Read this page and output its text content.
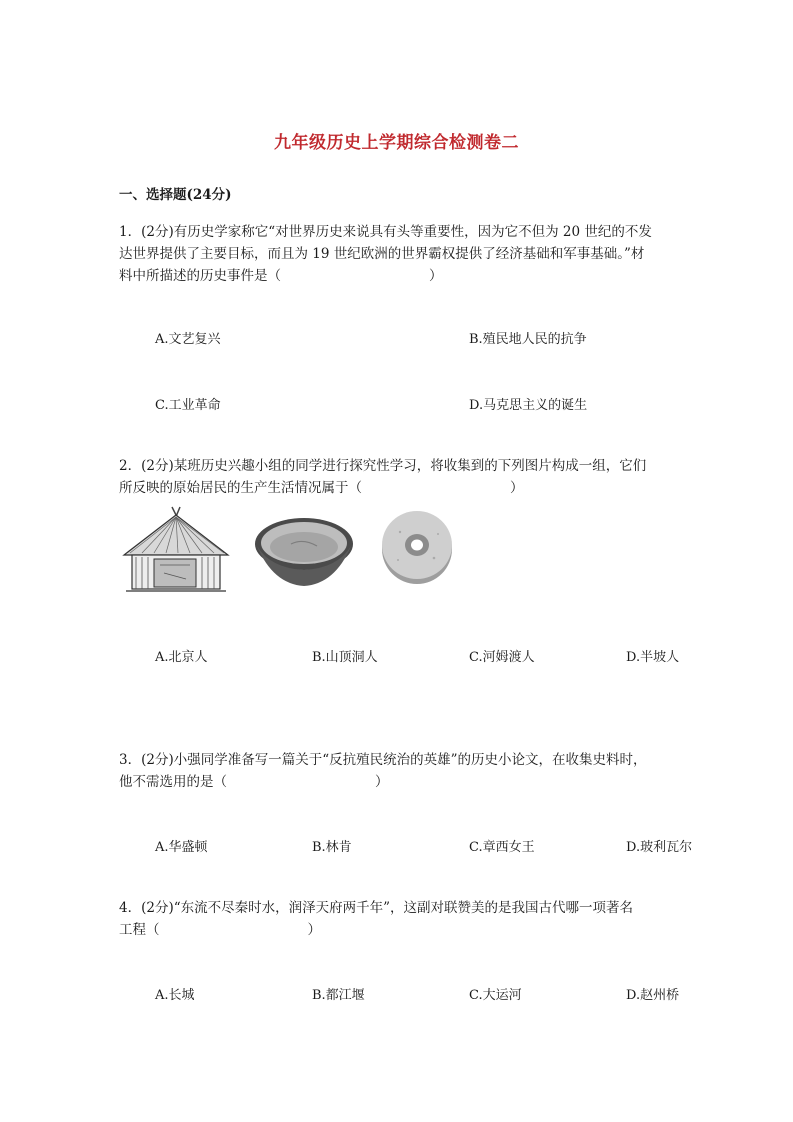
九年级历史上学期综合检测卷二
一、选择题(24分)
1．(2分)有历史学家称它“对世界历史来说具有头等重要性，因为它不但为 20 世纪的不发
达世界提供了主要目标，而且为 19 世纪欧洲的世界霸权提供了经济基础和军事基础。”材
料中所描述的历史事件是（	）
A.文艺复兴	B.殖民地人民的抗争
C.工业革命	D.马克思主义的诞生
2．(2分)某班历史兴趣小组的同学进行探究性学习，将收集到的下列图片构成一组，它们
所反映的原始居民的生产生活情况属于（	）
A.北京人	B.山顶洞人	C.河姆渡人	D.半坡人
3．(2分)小强同学准备写一篇关于“反抗殖民统治的英雄”的历史小论文，在收集史料时，
他不需选用的是（	）
A.华盛顿	B.林肯	C.章西女王	D.玻利瓦尔
4．(2分)“东流不尽秦时水，润泽天府两千年”，这副对联赞美的是我国古代哪一项著名
工程（	）
A.长城	B.都江堰	C.大运河	D.赵州桥
